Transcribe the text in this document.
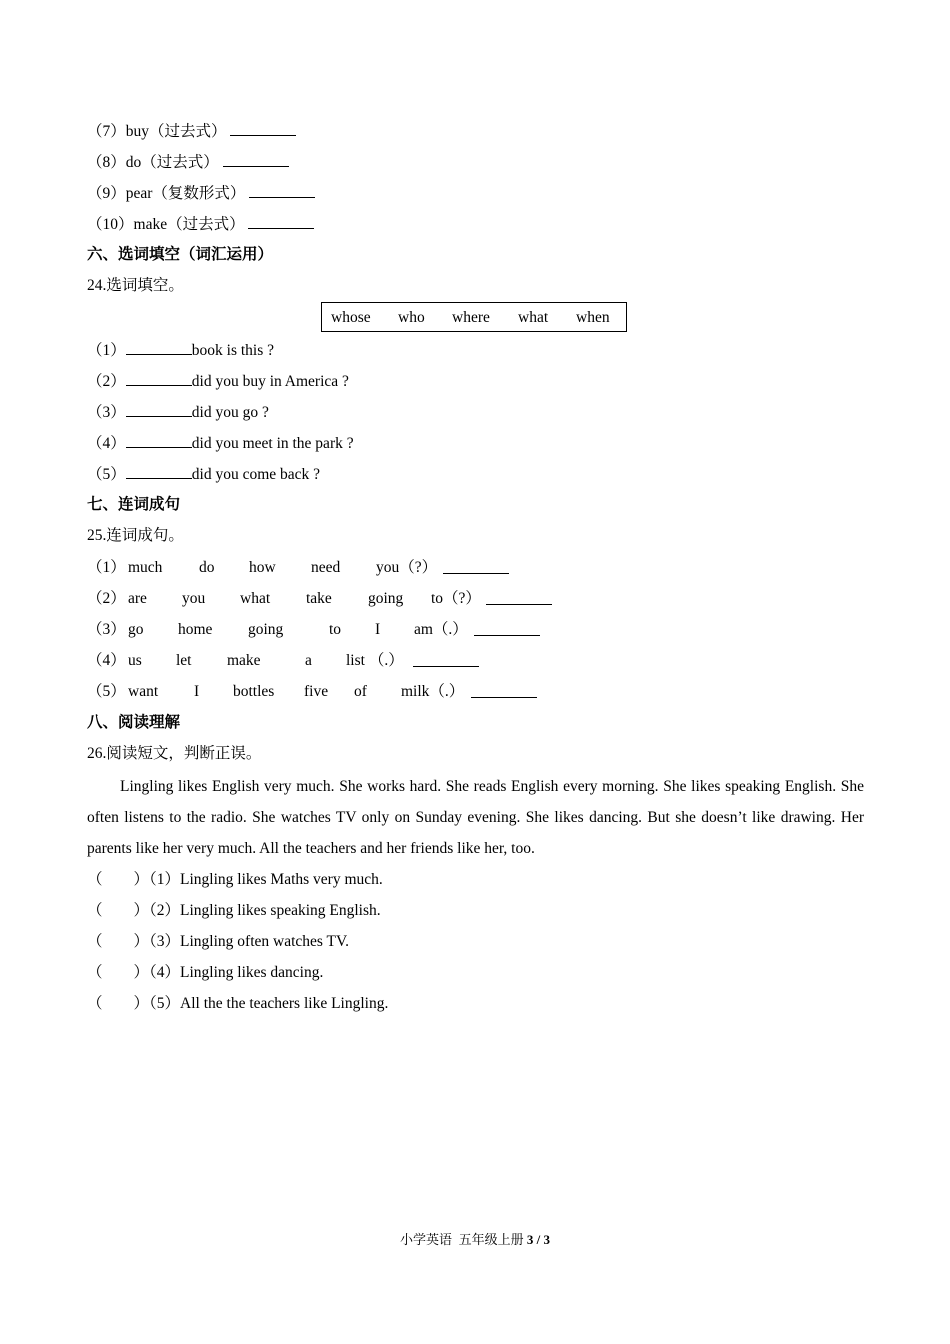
（7）buy（过去式）
（8）do（过去式）
（9）pear（复数形式）
（10）make（过去式）
六、选词填空（词汇运用）
24.选词填空。
whose who where what when
（1）	book is this ?
（2）	did you buy in America ?
（3）	did you go ?
（4）	did you meet in the park ?
（5）	did you come back ?
七、连词成句
25.连词成句。
（1） much do how need you（?）
（2） are you what take going to（?）
（3） go home going	to I am（.）
（4） us let make	a list （.）
（5） want I bottles five of milk（.）
八、阅读理解
26.阅读短文，判断正误。
Lingling likes English very much. She works hard. She reads English every morning. She likes speaking English. She often listens to the radio. She watches TV only on Sunday evening. She likes dancing. But she doesn’t like drawing. Her parents like her very much. All the teachers and her friends like her, too.
（　　）（1）Lingling likes Maths very much.
（　　）（2）Lingling likes speaking English.
（　　）（3）Lingling often watches TV.
（　　）（4）Lingling likes dancing.
（　　）（5）All the the teachers like Lingling.
小学英语 五年级上册 3 / 3
